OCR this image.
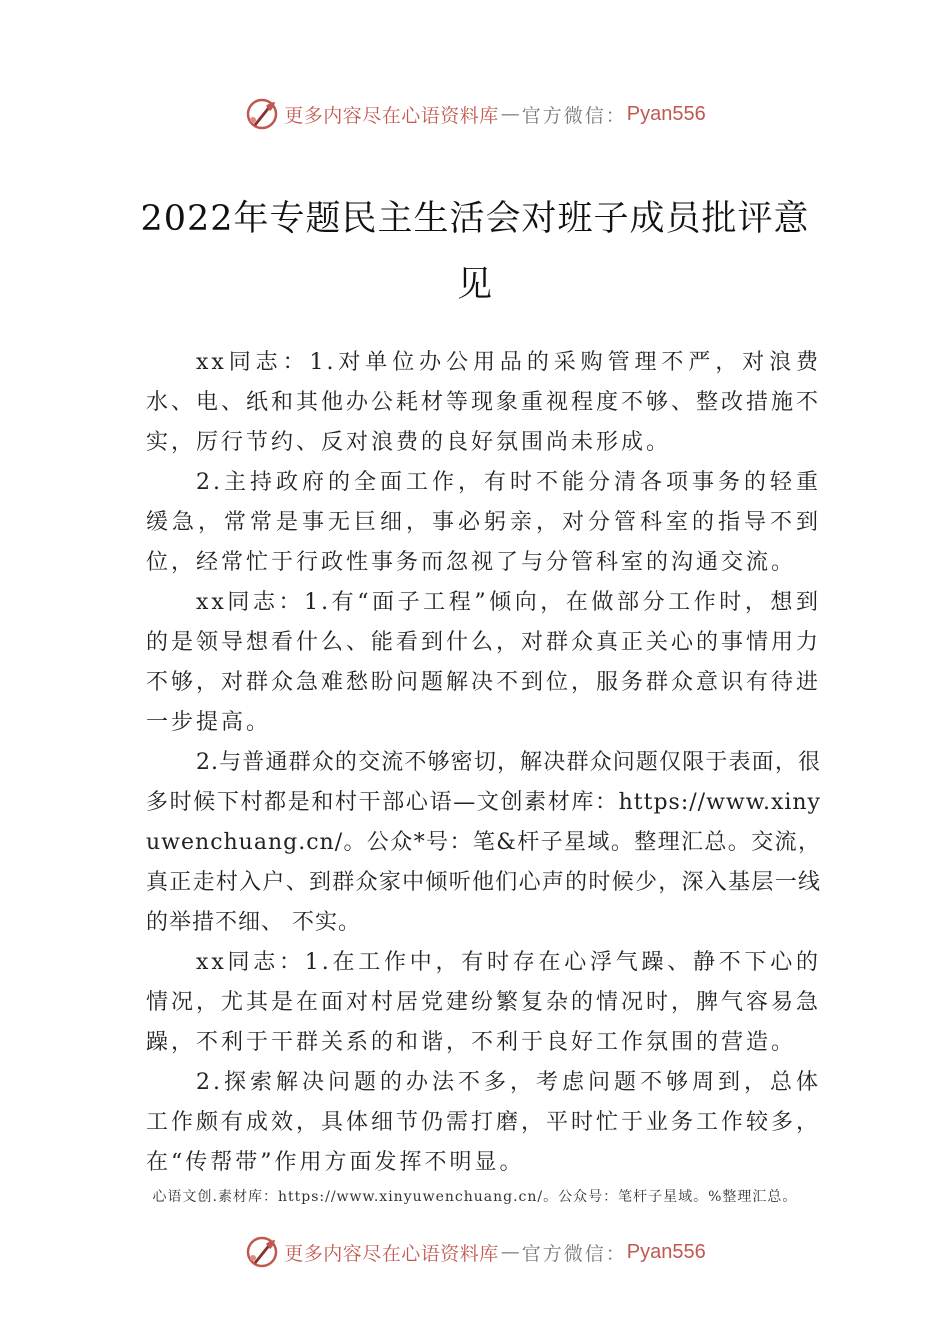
更多内容尽在心语资料库 — 官方微信： Pyan556
2022年专题民主生活会对班子成员批评意见

xx同志：1.对单位办公用品的采购管理不严，对浪费水、电、纸和其他办公耗材等现象重视程度不够、整改措施不实，厉行节约、反对浪费的良好氛围尚未形成。

2.主持政府的全面工作，有时不能分清各项事务的轻重缓急，常常是事无巨细，事必躬亲，对分管科室的指导不到位，经常忙于行政性事务而忽视了与分管科室的沟通交流。

xx同志：1.有“面子工程”倾向，在做部分工作时，想到的是领导想看什么、能看到什么，对群众真正关心的事情用力不够，对群众急难愁盼问题解决不到位，服务群众意识有待进一步提高。

2.与普通群众的交流不够密切，解决群众问题仅限于表面，很多时候下村都是和村干部心语—文创素材库：https://www.xinyuwenchuang.cn/。公众*号：笔&杆子星域。整理汇总。交流，真正走村入户、到群众家中倾听他们心声的时候少，深入基层一线的举措不细、 不实。

xx同志：1.在工作中，有时存在心浮气躁、静不下心的情况，尤其是在面对村居党建纷繁复杂的情况时，脾气容易急躁，不利于干群关系的和谐，不利于良好工作氛围的营造。

2.探索解决问题的办法不多，考虑问题不够周到，总体工作颇有成效，具体细节仍需打磨，平时忙于业务工作较多，在“传帮带”作用方面发挥不明显。

心语文创.素材库：https://www.xinyuwenchuang.cn/。公众号：笔杆子星域。%整理汇总。
更多内容尽在心语资料库 — 官方微信： Pyan556
